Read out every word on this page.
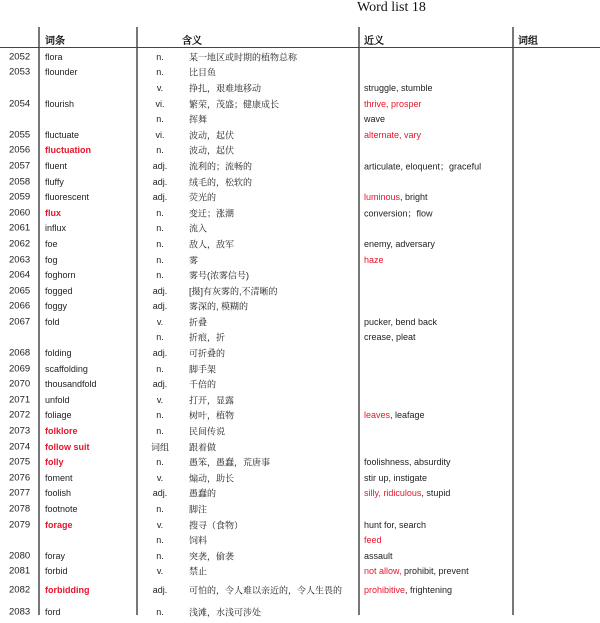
Word list 18
词条	含义	近义	词组
2052 flora	n.	某一地区或时期的植物总称
2053 flounder	n.	比目鱼
v.	挣扎，艰难地移动	struggle, stumble
2054 flourish	vi.	繁荣，茂盛；健康成长	thrive, prosper
n.	挥舞	wave
2055 fluctuate	vi.	波动，起伏	alternate, vary
2056 fluctuation	n.	波动，起伏
2057 fluent	adj.	流利的；流畅的	articulate, eloquent；graceful
2058 fluffy	adj.	绒毛的，松软的
2059 fluorescent	adj.	荧光的	luminous, bright
2060 flux	n.	变迁；涨潮	conversion；flow
2061 influx	n.	流入
2062 foe	n.	敌人，敌军	enemy, adversary
2063 fog	n.	雾	haze
2064 foghorn	n.	雾号(浓雾信号)
2065 fogged	adj.	[摄]有灰雾的,不清晰的
2066 foggy	adj.	雾深的, 模糊的
2067 fold	v.	折叠	pucker, bend back
n.	折痕，折	crease, pleat
2068 folding	adj.	可折叠的
2069 scaffolding	n.	脚手架
2070 thousandfold	adj.	千倍的
2071 unfold	v.	打开，显露
2072 foliage	n.	树叶，植物	leaves, leafage
2073 folklore	n.	民间传说
2074 follow suit	词组	跟着做
2075 folly	n.	愚笨，愚蠢，荒唐事	foolishness, absurdity
2076 foment	v.	煽动，助长	stir up, instigate
2077 foolish	adj.	愚蠢的	silly, ridiculous, stupid
2078 footnote	n.	脚注
2079 forage	v.	搜寻（食物）	hunt for, search
n.	饲料	feed
2080 foray	n.	突袭，偷袭	assault
2081 forbid	v.	禁止	not allow, prohibit, prevent
2082 forbidding	adj.	可怕的，令人难以亲近的，令人生畏的 prohibitive, frightening
2083 ford	n.	浅滩，水浅可涉处
